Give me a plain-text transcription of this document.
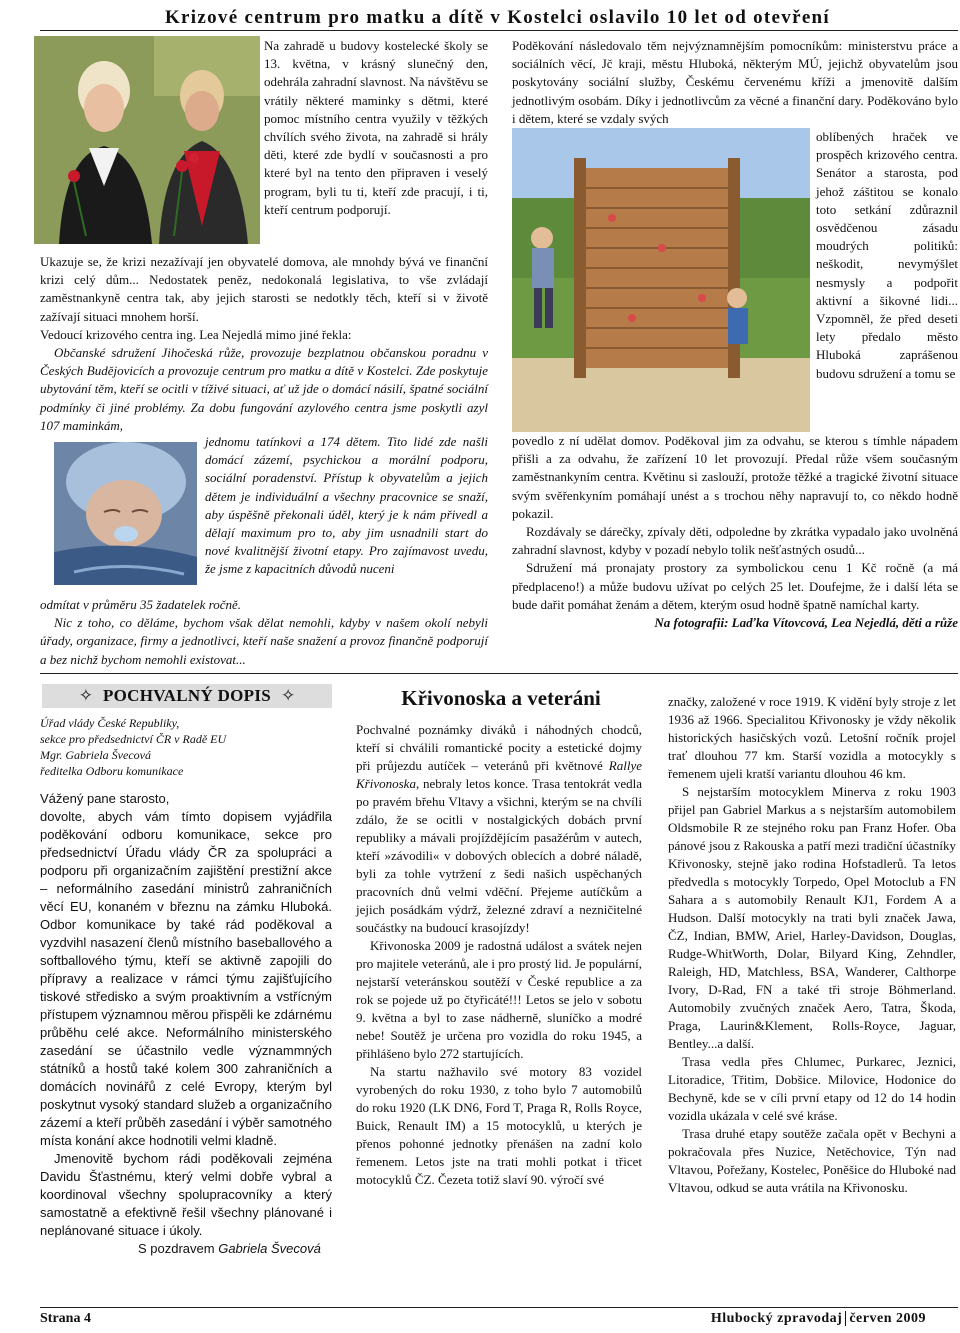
Krizové centrum pro matku a dítě v Kostelci oslavilo 10 let od otevření
Na zahradě u budovy kostelecké školy se 13. května, v krásný slunečný den, odehrála zahradní slavnost. Na návštěvu se vrátily některé maminky s dětmi, které pomoc místního centra využily v těžkých chvílích svého života, na zahradě si hrály děti, které zde bydlí v současnosti a pro které byl na tento den připraven i veselý program, byli tu ti, kteří zde pracují, i ti, kteří centrum podporují.

Ukazuje se, že krizi nezažívají jen obyvatelé domova, ale mnohdy bývá ve finanční krizi celý dům... Nedostatek peněz, nedokonalá legislativa, to vše zvládají zaměstnankyně centra tak, aby jejich starosti se nedotkly těch, kteří si v životě zažívají situaci mnohem horší.

Vedoucí krizového centra ing. Lea Nejedlá mimo jiné řekla:

Občanské sdružení Jihočeská růže, provozuje bezplatnou občanskou poradnu v Českých Budějovicích a provozuje centrum pro matku a dítě v Kostelci. Zde poskytuje ubytování těm, kteří se ocitli v tíživé situaci, ať už jde o domácí násilí, špatné sociální podmínky či jiné problémy. Za dobu fungování azylového centra jsme poskytli azyl 107 maminkám,

jednomu tatínkovi a 174 dětem. Tito lidé zde našli domácí zázemí, psychickou a morální podporu, sociální poradenství. Přístup k obyvatelům a jejich dětem je individuální a všechny pracovnice se snaží, aby úspěšně překonali úděl, který je k nám přivedl a dělají maximum pro to, aby jim usnadnili start do nové kvalitnější životní etapy. Pro zajímavost uvedu, že jsme z kapacitních důvodů nuceni

odmítat v průměru 35 žadatelek ročně.

Nic z toho, co děláme, bychom však dělat nemohli, kdyby v našem okolí nebyli úřady, organizace, firmy a jednotlivci, kteří naše snažení a provoz finančně podporují a bez nichž bychom nemohli existovat...

Poděkování následovalo těm nejvýznamnějším pomocníkům: ministerstvu práce a sociálních věcí, Jč kraji, městu Hluboká, některým MÚ, jejichž obyvatelům jsou poskytovány sociální služby, Českému červenému kříži a jmenovitě dalším jednotlivým osobám. Díky i jednotlivcům za věcné a finanční dary. Poděkováno bylo i dětem, které se vzdaly svých
oblíbených hraček ve prospěch krizového centra. Senátor a starosta, pod jehož záštitou se konalo toto setkání zdůraznil osvědčenou zásadu moudrých politiků: neškodit, nevymýšlet nesmysly a podpořit aktivní a šikovné lidi... Vzpomněl, že před deseti lety předalo město Hluboká zaprášenou budovu sdružení a tomu se

povedlo z ní udělat domov. Poděkoval jim za odvahu, se kterou s tímhle nápadem přišli a za odvahu, že zařízení 10 let provozují. Předal růže všem současným zaměstnankyním centra. Květinu si zaslouží, protože těžké a tragické životní situace svým svěřenkyním pomáhají unést a s trochou něhy napravují to, co někdo hodně pokazil.

Rozdávaly se dárečky, zpívaly děti, odpoledne by zkrátka vypadalo jako uvolněná zahradní slavnost, kdyby v pozadí nebylo tolik nešťastných osudů...

Sdružení má pronajaty prostory za symbolickou cenu 1 Kč ročně (a má předplaceno!) a může budovu užívat po celých 25 let. Doufejme, že i další léta se bude dařit pomáhat ženám a dětem, kterým osud hodně špatně namíchal karty.

Na fotografii: Laďka Vítovcová, Lea Nejedlá, děti a růže

✧ POCHVALNÝ DOPIS ✧
Úřad vlády České Republiky,
sekce pro předsednictví ČR v Radě EU
Mgr. Gabriela Švecová
ředitelka Odboru komunikace

Vážený pane starosto,

dovolte, abych vám tímto dopisem vyjádřila poděkování odboru komunikace, sekce pro předsednictví Úřadu vlády ČR za spolupráci a podporu při organizačním zajištění prestižní akce – neformálního zasedání ministrů zahraničních věcí EU, konaném v březnu na zámku Hluboká. Odbor komunikace by také rád poděkoval a vyzdvihl nasazení členů místního baseballového a softballového týmu, kteří se aktivně zapojili do přípravy a realizace v rámci týmu zajišťujícího tiskové středisko a svým proaktivním a vstřícným přístupem významnou měrou přispěli ke zdárnému průběhu celé akce. Neformálního ministerského zasedání se účastnilo vedle význammných státníků a hostů také kolem 300 zahraničních a domácích novinářů z celé Evropy, kterým byl poskytnut vysoký standard služeb a organizačního zázemí a kteří průběh zasedání i výběr samotného místa konání akce hodnotili velmi kladně.

Jmenovitě bychom rádi poděkovali zejména Davidu Šťastnému, který velmi dobře vybral a koordinoval všechny spolupracovníky a který samostatně a efektivně řešil všechny plánované i neplánované situace i úkoly.

S pozdravem Gabriela Švecová

Křivonoska a veteráni

Pochvalné poznámky diváků i náhodných chodců, kteří si chválili romantické pocity a estetické dojmy při průjezdu autíček – veteránů při květnové Rallye Křivonoska, nebraly letos konce. Trasa tentokrát vedla po pravém břehu Vltavy a všichni, kterým se na chvíli zdálo, že se ocitli v nostalgických dobách první republiky a mávali projíždějícím pasažérům v autech, kteří »závodili« v dobových oblecích a dobré náladě, byli za tohle vytržení z šedi našich uspěchaných pracovních dnů velmi vděční. Přejeme autíčkům a jejich posádkám výdrž, železné zdraví a nezničitelné součástky na budoucí krasojízdy!

Křivonoska 2009 je radostná událost a svátek nejen pro majitele veteránů, ale i pro prostý lid. Je populární, nejstarší veteránskou soutěží v České republice a za rok se pojede už po čtyřicáté!!! Letos se jelo v sobotu 9. května a byl to zase nádherně, sluníčko a modré nebe! Soutěž je určena pro vozidla do roku 1945, a přihlášeno bylo 272 startujících.

Na startu nažhavilo své motory 83 vozidel vyrobených do roku 1930, z toho bylo 7 automobilů do roku 1920 (LK DN6, Ford T, Praga R, Rolls Royce, Buick, Renault IM) a 15 motocyklů, u kterých je přenos pohonné jednotky přenášen na zadní kolo řemenem. Letos jste na trati mohli potkat i třicet motocyklů ČZ. Čezeta totiž slaví 90. výročí své

značky, založené v roce 1919. K vidění byly stroje z let 1936 až 1966. Specialitou Křivonosky je vždy několik historických hasičských vozů. Letošní ročník projel trať dlouhou 77 km. Starší vozidla a motocykly s řemenem ujeli kratší variantu dlouhou 46 km.

S nejstarším motocyklem Minerva z roku 1903 přijel pan Gabriel Markus a s nejstarším automobilem Oldsmobile R ze stejného roku pan Franz Hofer. Oba pánové jsou z Rakouska a patří mezi tradiční účastníky Křivonosky, stejně jako rodina Hofstadlerů. Ta letos předvedla s motocykly Torpedo, Opel Motoclub a FN Sahara a s automobily Renault KJ1, Fordem A a Hudson. Další motocykly na trati byli značek Jawa, ČZ, Indian, BMW, Ariel, Harley-Davidson, Douglas, Rudge-WhitWorth, Dolar, Bilyard King, Zehndler, Raleigh, HD, Matchless, BSA, Wanderer, Calthorpe Ivory, D-Rad, FN a také tři stroje Böhmerland. Automobily zvučných značek Aero, Tatra, Škoda, Praga, Laurin&Klement, Rolls-Royce, Jaguar, Bentley...a další.

Trasa vedla přes Chlumec, Purkarec, Jeznici, Litoradice, Třitim, Dobšice. Milovice, Hodonice do Bechyně, kde se v cíli první etapy od 12 do 14 hodin vozidla ukázala v celé své kráse.

Trasa druhé etapy soutěže začala opět v Bechyni a pokračovala přes Nuzice, Netěchovice, Týn nad Vltavou, Pořežany, Kostelec, Poněšice do Hluboké nad Vltavou, odkud se auta vrátila na Křivonosku.

Strana 4	Hlubocký zpravodaj červen 2009
